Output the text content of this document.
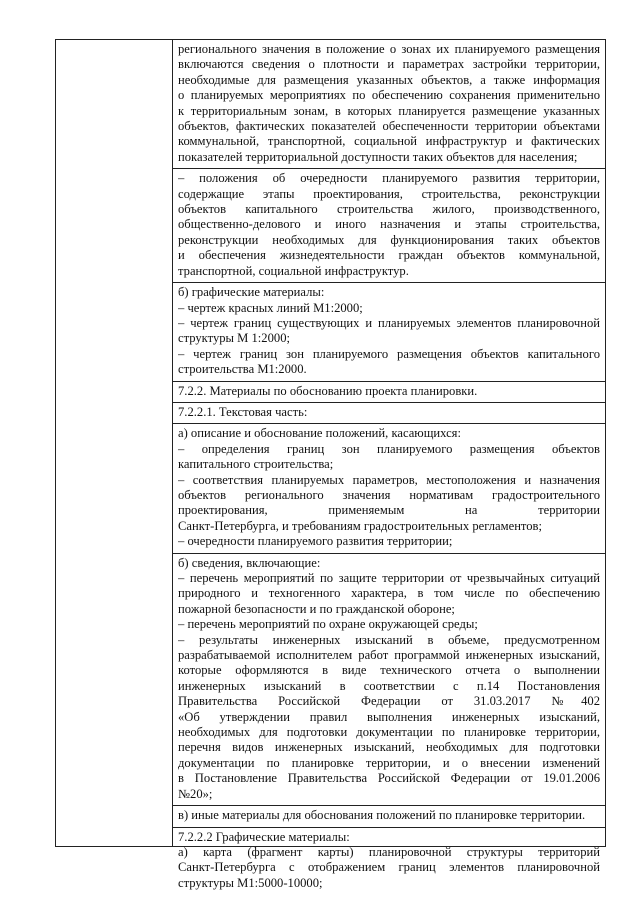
регионального значения в положение о зонах их планируемого размещения
включаются сведения о плотности и параметрах застройки территории,
необходимые для размещения указанных объектов, а также информация
о планируемых мероприятиях по обеспечению сохранения применительно
к территориальным зонам, в которых планируется размещение указанных
объектов, фактических показателей обеспеченности территории объектами
коммунальной, транспортной, социальной инфраструктур и фактических
показателей территориальной доступности таких объектов для населения;
– положения об очередности планируемого развития территории,
содержащие этапы проектирования, строительства, реконструкции
объектов капитального строительства жилого, производственного,
общественно-делового и иного назначения и этапы строительства,
реконструкции необходимых для функционирования таких объектов
и обеспечения жизнедеятельности граждан объектов коммунальной,
транспортной, социальной инфраструктур.
б) графические материалы:
– чертеж красных линий М1:2000;
– чертеж границ существующих и планируемых элементов планировочной
структуры М 1:2000;
– чертеж границ зон планируемого размещения объектов капитального
строительства М1:2000.
7.2.2. Материалы по обоснованию проекта планировки.
7.2.2.1. Текстовая часть:
а) описание и обоснование положений, касающихся:
– определения границ зон планируемого размещения объектов
капитального строительства;
– соответствия планируемых параметров, местоположения и назначения
объектов регионального значения нормативам градостроительного
проектирования, применяемым на территории
Санкт-Петербурга, и требованиям градостроительных регламентов;
– очередности планируемого развития территории;
б) сведения, включающие:
– перечень мероприятий по защите территории от чрезвычайных ситуаций
природного и техногенного характера, в том числе по обеспечению
пожарной безопасности и по гражданской обороне;
– перечень мероприятий по охране окружающей среды;
– результаты инженерных изысканий в объеме, предусмотренном
разрабатываемой исполнителем работ программой инженерных изысканий,
которые оформляются в виде технического отчета о выполнении
инженерных изысканий в соответствии с п.14 Постановления
Правительства Российской Федерации от 31.03.2017 №402
«Об утверждении правил выполнения инженерных изысканий,
необходимых для подготовки документации по планировке территории,
перечня видов инженерных изысканий, необходимых для подготовки
документации по планировке территории, и о внесении изменений
в Постановление Правительства Российской Федерации от 19.01.2006
№20»;
в) иные материалы для обоснования положений по планировке территории.
7.2.2.2 Графические материалы:
а) карта (фрагмент карты) планировочной структуры территорий
Санкт-Петербурга с отображением границ элементов планировочной
структуры М1:5000-10000;
